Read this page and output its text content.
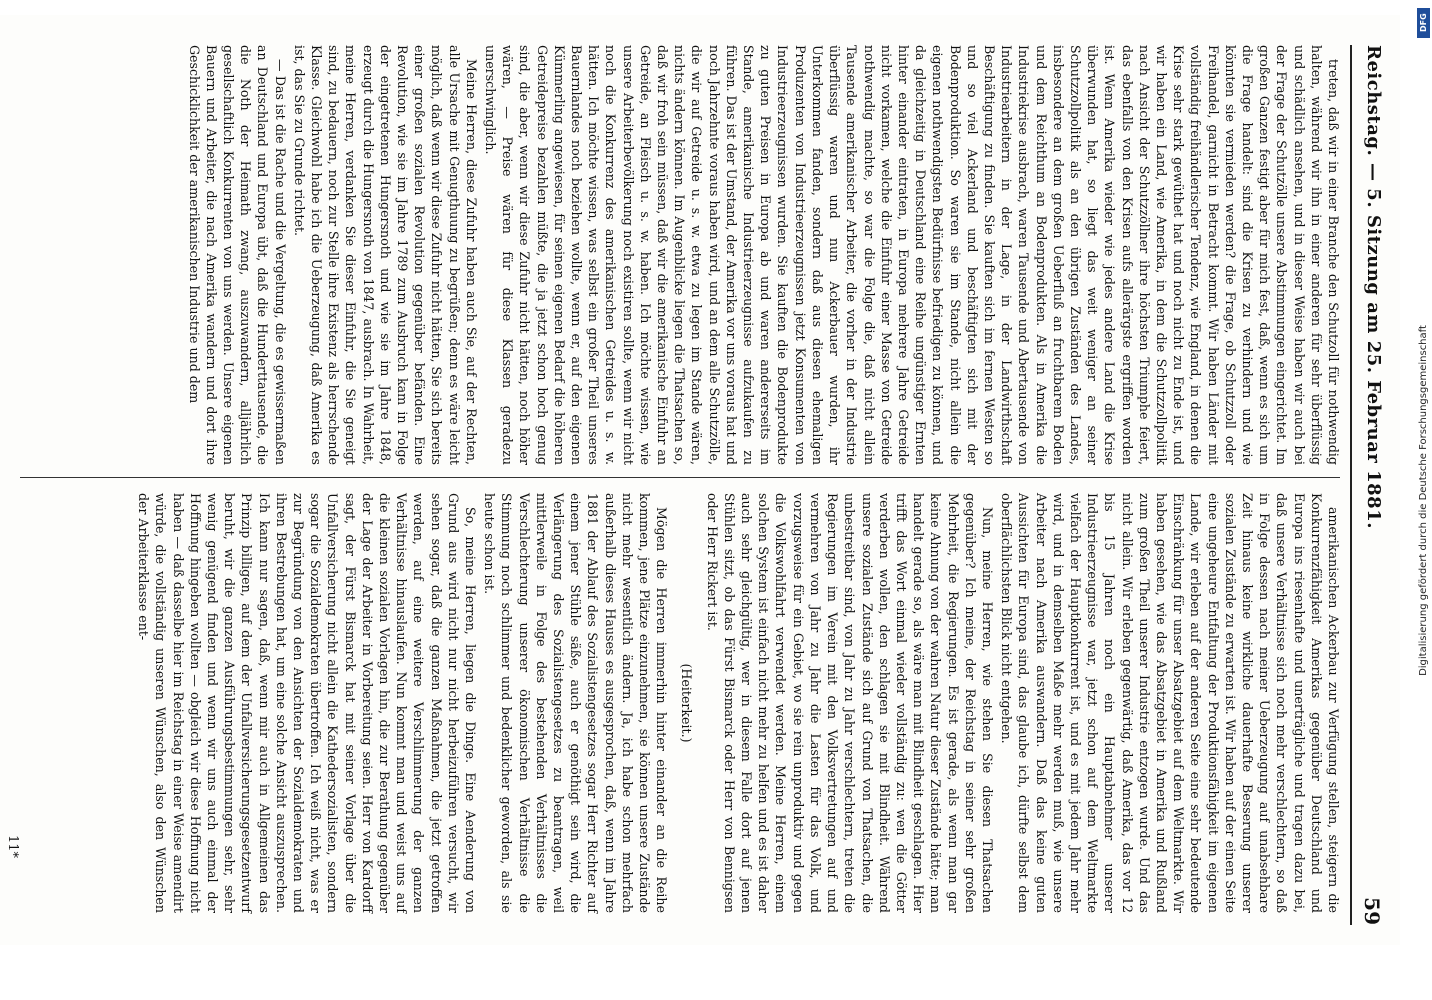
Reichstag. — 5. Sitzung am 25. Februar 1881.
59

treten, daß wir in einer Branche den Schutzoll für nothwendig halten, während wir ihn in einer anderen für sehr überflüssig und schädlich ansehen, und in dieser Weise haben wir auch bei der Frage der Schutzölle unsere Abstimmungen eingerichtet. Im großen Ganzen festigt aber für mich fest, daß, wenn es sich um die Frage handelt: sind die Krisen zu verhindern und wie könnten sie vermieden werden? die Frage, ob Schutzzoll oder Freihandel, garnicht in Betracht kommt. Wir haben Länder mit vollständig freihändlerischer Tendenz, wie England, in denen die Krise sehr stark gewüthet hat und noch nicht zu Ende ist, und wir haben ein Land, wie Amerika, in dem die Schutzzollpolitik nach Ansicht der Schutzzöllner ihre höchsten Triumphe feiert, das ebenfalls von den Krisen aufs allerärgste ergriffen worden ist. Wenn Amerika wieder wie jedes andere Land die Krise überwunden hat, so liegt das weit weniger an seiner Schutzzollpolitik als an den übrigen Zuständen des Landes, insbesondere an dem großen Ueberfluß an fruchtbarem Boden und dem Reichthum an Bodenprodukten. Als in Amerika die Industriekrise ausbrach, waren Tausende und Abertausende von Industriearbeitern in der Lage, in der Landwirthschaft Beschäftigung zu finden. Sie kauften sich im fernen Westen so und so viel Ackerland und beschäftigten sich mit der Bodenproduktion. So waren sie im Stande, nicht allein die eigenen nothwendigsten Bedürfnisse befriedigen zu können, und da gleichzeitig in Deutschland eine Reihe ungünstiger Ernten hinter einander eintraten, in Europa mehrere Jahre Getreide nicht vorkamen, welche die Einfuhr einer Masse von Getreide nothwendig machte, so war die Folge die, daß nicht allein Tausende amerikanischer Arbeiter, die vorher in der Industrie überflüssig waren und nun Ackerbauer wurden, ihr Unterkommen fanden, sondern daß aus diesen ehemaligen Produzenten von Industrieerzeugnissen jetzt Konsumenten von Industrieerzeugnissen wurden. Sie kauften die Bodenprodukte zu guten Preisen in Europa ab und waren andererseits im Stande, amerikanische Industrieerzeugnisse aufzukaufen zu führen. Das ist der Umstand, der Amerika vor uns voraus hat und noch Jahrzehnte voraus haben wird, und an dem alle Schutzzölle, die wir auf Getreide u. s. w. etwa zu legen im Stande wären, nichts ändern können. Im Augenblicke liegen die Thatsachen so, daß wir froh sein müssen, daß wir die amerikanische Einfuhr an Getreide, an Fleisch u. s. w. haben. Ich möchte wissen, wie unsere Arbeiterbevölkerung noch existiren sollte, wenn wir nicht noch die Konkurrenz des amerikanischen Getreides u. s. w. hätten. Ich möchte wissen, was selbst ein großer Theil unseres Bauernlandes noch beziehen wollte, wenn er, auf den eigenen Kümmerling angewiesen, für seinen eigenen Bedarf die höheren Getreidepreise bezahlen müßte, die ja jetzt schon hoch genug sind, die aber, wenn wir diese Zufuhr nicht hätten, noch höher wären, — Preise wären für diese Klassen geradezu unerschwinglich.

Meine Herren, diese Zufuhr haben auch Sie, auf der Rechten, alle Ursache mit Genugthuung zu begrüßen; denn es wäre leicht möglich, daß wenn wir diese Zufuhr nicht hätten, Sie sich bereits einer großen sozialen Revolution gegenüber befänden. Eine Revolution, wie sie im Jahre 1789 zum Ausbruch kam in Folge der eingetretenen Hungersnoth und wie sie im Jahre 1848, erzeugt durch die Hungersnoth von 1847, ausbrach. In Wahrheit, meine Herren, verdanken Sie dieser Einfuhr, die Sie geneigt sind, zu bedauern, noch zur Stelle ihre Existenz als herrschende Klasse. Gleichwohl habe ich die Ueberzeugung, daß Amerika es ist, das Sie zu Grunde richtet.

— Das ist die Rache und die Vergeltung, die es gewissermaßen an Deutschland und Europa übt, daß die Hunderttausende, die die Noth der Heimath zwang, auszuwandern, alljährlich gesellschaftlich Konkurrenten von uns werden. Unsere eigenen Bauern und Arbeiter, die nach Amerika wandern und dort ihre Geschicklichkeit der amerikanischen Industrie und dem

amerikanischen Ackerbau zur Verfügung stellen, steigern die Konkurrenzfähigkeit Amerikas gegenüber Deutschland und Europa ins riesenhafte und unerträgliche und tragen dazu bei, daß unsere Verhältnisse sich noch mehr verschlechtern, so daß in Folge dessen nach meiner Ueberzeugung auf unabsehbare Zeit hinaus keine wirkliche dauerhafte Besserung unserer sozialen Zustände zu erwarten ist. Wir haben auf der einen Seite eine ungeheure Entfaltung der Produktionsfähigkeit im eigenen Lande, wir erleben auf der anderen Seite eine sehr bedeutende Einschränkung für unser Absatzgebiet auf dem Weltmarkte. Wir haben gesehen, wie das Absatzgebiet in Amerika und Rußland zum großen Theil unserer Industrie entzogen wurde. Und das nicht allein. Wir erleben gegenwärtig, daß Amerika, das vor 12 bis 15 Jahren noch ein Hauptabnehmer unserer Industrieerzeugnisse war, jetzt schon auf dem Weltmarkte vielfach der Hauptkonkurrent ist, und es mit jedem Jahr mehr wird, und in demselben Maße mehr werden muß, wie unsere Arbeiter nach Amerika auswandern. Daß das keine guten Aussichten für Europa sind, das glaube ich, dürfte selbst dem oberflächlichsten Blick nicht entgehen.

Nun, meine Herren, wie stehen Sie diesen Thatsachen gegenüber? Ich meine, der Reichstag in seiner sehr großen Mehrheit, die Regierungen. Es ist gerade, als wenn man gar keine Ahnung von der wahren Natur dieser Zustände hätte; man handelt gerade so, als wäre man mit Blindheit geschlagen. Hier trifft das Wort einmal wieder vollständig zu: wen die Götter verderben wollen, den schlagen sie mit Blindheit. Während unsere sozialen Zustände sich auf Grund von Thatsachen, die unbestreitbar sind, von Jahr zu Jahr verschlechtern, treten die Regierungen im Verein mit den Volksvertretungen auf und vermehren von Jahr zu Jahr die Lasten für das Volk, und vorzugsweise für ein Gebiet, wo sie rein unproduktiv und gegen die Volkswohlfahrt verwendet werden. Meine Herren, einem solchen System ist einfach nicht mehr zu helfen und es ist daher auch sehr gleichgültig, wer in diesem Falle dort auf jenen Stühlen sitzt, ob das Fürst Bismarck oder Herr von Bennigsen oder Herr Rickert ist.

(Heiterkeit.)

Mögen die Herren immerhin hinter einander an die Reihe kommen, jene Plätze einzunehmen, sie können unsere Zustände nicht mehr wesentlich ändern. Ja, ich habe schon mehrfach außerhalb dieses Hauses es ausgesprochen, daß, wenn im Jahre 1881 der Ablauf des Sozialistengesetzes sogar Herr Richter auf einem jener Stühle säße, auch er genöthigt sein wird, die Verlängerung des Sozialistengesetzes zu beantragen, weil mittlerweile in Folge des bestehenden Verhältnisses die Verschlechterung unserer ökonomischen Verhältnisse die Stimmung noch schlimmer und bedenklicher geworden, als sie heute schon ist.

So, meine Herren, liegen die Dinge. Eine Aenderung von Grund aus wird nicht nur nicht herbeizuführen versucht, wir sehen sogar, daß die ganzen Maßnahmen, die jetzt getroffen werden, auf eine weitere Verschlimmerung der ganzen Verhältnisse hinauslaufen. Nun kommt man und weist uns auf die kleinen sozialen Vorlagen hin, die zur Berathung gegenüber der Lage der Arbeiter in Vorbereitung seien. Herr von Kardorff sagt, der Fürst Bismarck hat mit seiner Vorlage über die Unfallversicherung nicht allein die Kathedersozialisten, sondern sogar die Sozialdemokraten übertroffen. Ich weiß nicht, was er zur Begründung von den Ansichten der Sozialdemokraten und ihren Bestrebungen hat, um eine solche Ansicht auszusprechen. Ich kann nur sagen, daß, wenn mir auch in Allgemeinen das Prinzip billigen, auf dem der Unfallversicherungsgesetzentwurf beruht, wir die ganzen Ausführungsbestimmungen sehr, sehr wenig genügend finden und wenn wir uns auch einmal der Hoffnung hingeben wollten — obgleich wir diese Hoffnung nicht haben — daß dasselbe hier im Reichstag in einer Weise amendirt würde, die vollständig unseren Wünschen, also den Wünschen der Arbeiterklasse ent-

11*
DFG
Digitalisierung gefördert durch die Deutsche Forschungsgemeinschaft
